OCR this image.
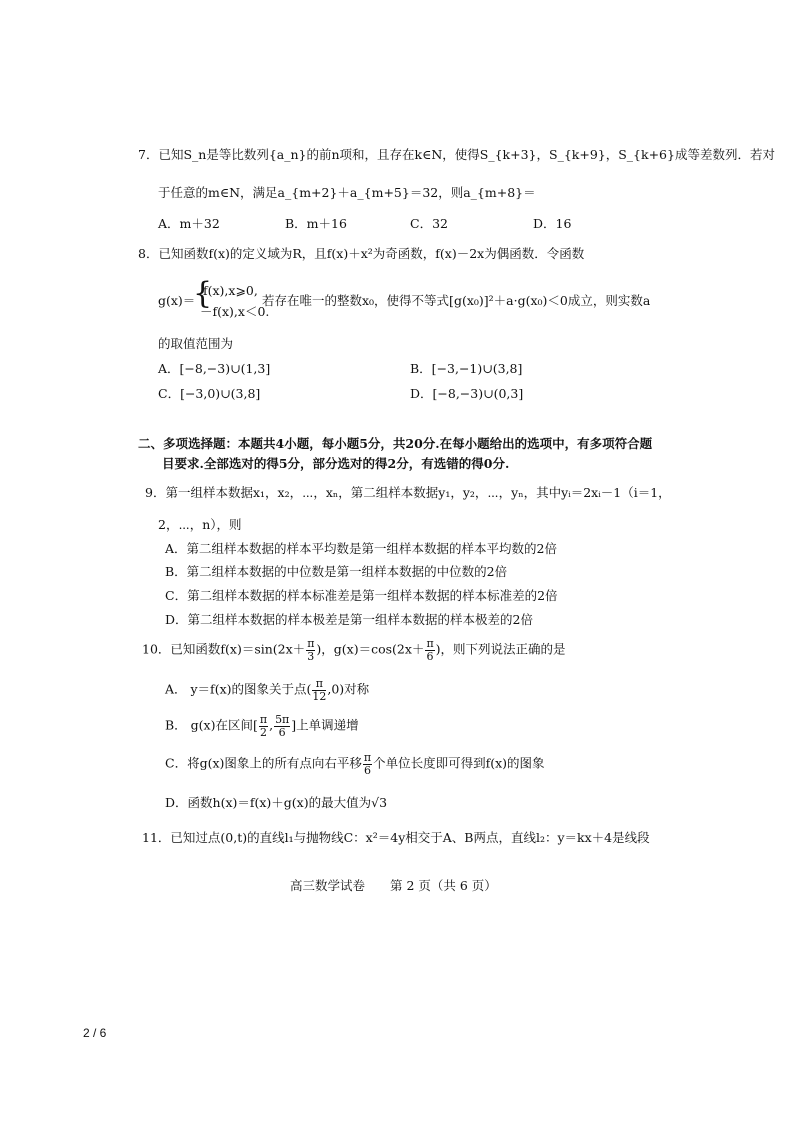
7．已知S_n是等比数列{a_n}的前n项和，且存在k∈N，使得S_{k+3}，S_{k+9}，S_{k+6}成等差数列．若对
于任意的m∈N，满足a_{m+2}＋a_{m+5}＝32，则a_{m+8}＝
A．m＋32	B．m＋16	C．32	D．16
8．已知函数f(x)的定义域为R，且f(x)＋x²为奇函数，f(x)－2x为偶函数．令函数
g(x)＝
{
f(x),x⩾0,
－f(x),x＜0.
若存在唯一的整数x₀，使得不等式[g(x₀)]²＋a·g(x₀)＜0成立，则实数a
的取值范围为
A．[−8,−3)∪(1,3]	B．[−3,−1)∪(3,8]
C．[−3,0)∪(3,8]	D．[−8,−3)∪(0,3]
二、多项选择题：本题共4小题，每小题5分，共20分.在每小题给出的选项中，有多项符合题
目要求.全部选对的得5分，部分选对的得2分，有选错的得0分.
9．第一组样本数据x₁，x₂，⋯，xₙ，第二组样本数据y₁，y₂，⋯，yₙ，其中yᵢ＝2xᵢ－1（i＝1，
2，⋯，n），则
A．第二组样本数据的样本平均数是第一组样本数据的样本平均数的2倍
B．第二组样本数据的中位数是第一组样本数据的中位数的2倍
C．第二组样本数据的样本标准差是第一组样本数据的样本标准差的2倍
D．第二组样本数据的样本极差是第一组样本数据的样本极差的2倍
10．已知函数$f(x)=\sin(2x+ \frac{\pi}{3}$ )，$g(x)=\cos(2x+ \frac{\pi}{6}$ )，则下列说法正确的是
A． y＝f(x)的图象关于点( $\frac{\pi}{12} ,0$)对称
B． g(x)在区间[ $\frac{\pi}{2}$ , $\frac{5\pi}{6}$ ]上单调递增
C．将g(x)图象上的所有点向右平移 $\frac{\pi}{6}$ 个单位长度即可得到f(x)的图象
D．函数h(x)＝f(x)＋g(x)的最大值为√3
11．已知过点(0,t)的直线l₁与抛物线C：x²＝4y相交于A、B两点，直线l₂：y＝kx＋4是线段
高三数学试卷　　第 2 页（共 6 页）
2 / 6
